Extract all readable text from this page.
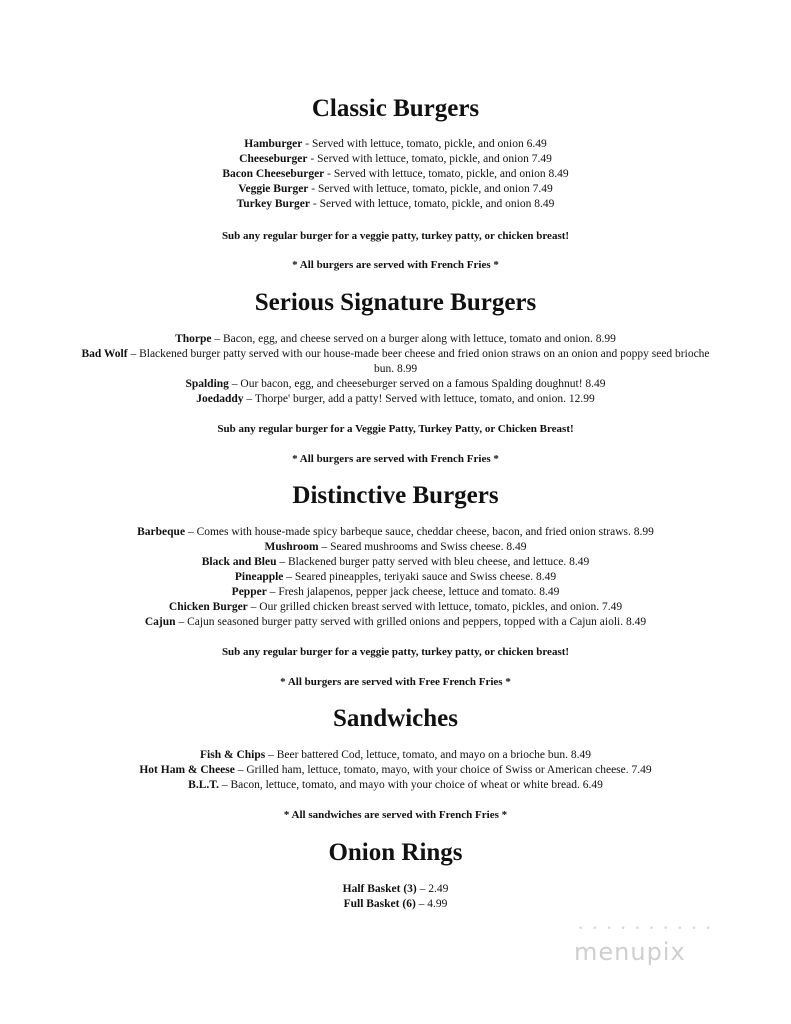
Classic Burgers
Hamburger - Served with lettuce, tomato, pickle, and onion 6.49
Cheeseburger - Served with lettuce, tomato, pickle, and onion 7.49
Bacon Cheeseburger - Served with lettuce, tomato, pickle, and onion 8.49
Veggie Burger - Served with lettuce, tomato, pickle, and onion 7.49
Turkey Burger - Served with lettuce, tomato, pickle, and onion 8.49
Sub any regular burger for a veggie patty, turkey patty, or chicken breast!
* All burgers are served with French Fries *
Serious Signature Burgers
Thorpe – Bacon, egg, and cheese served on a burger along with lettuce, tomato and onion. 8.99
Bad Wolf – Blackened burger patty served with our house-made beer cheese and fried onion straws on an onion and poppy seed brioche bun. 8.99
Spalding – Our bacon, egg, and cheeseburger served on a famous Spalding doughnut! 8.49
Joedaddy – Thorpe' burger, add a patty! Served with lettuce, tomato, and onion. 12.99
Sub any regular burger for a Veggie Patty, Turkey Patty, or Chicken Breast!
* All burgers are served with French Fries *
Distinctive Burgers
Barbeque – Comes with house-made spicy barbeque sauce, cheddar cheese, bacon, and fried onion straws. 8.99
Mushroom – Seared mushrooms and Swiss cheese. 8.49
Black and Bleu – Blackened burger patty served with bleu cheese, and lettuce. 8.49
Pineapple – Seared pineapples, teriyaki sauce and Swiss cheese. 8.49
Pepper – Fresh jalapenos, pepper jack cheese, lettuce and tomato. 8.49
Chicken Burger – Our grilled chicken breast served with lettuce, tomato, pickles, and onion. 7.49
Cajun – Cajun seasoned burger patty served with grilled onions and peppers, topped with a Cajun aioli. 8.49
Sub any regular burger for a veggie patty, turkey patty, or chicken breast!
* All burgers are served with Free French Fries *
Sandwiches
Fish & Chips – Beer battered Cod, lettuce, tomato, and mayo on a brioche bun. 8.49
Hot Ham & Cheese – Grilled ham, lettuce, tomato, mayo, with your choice of Swiss or American cheese. 7.49
B.L.T. – Bacon, lettuce, tomato, and mayo with your choice of wheat or white bread. 6.49
* All sandwiches are served with French Fries *
Onion Rings
Half Basket (3) – 2.49
Full Basket (6) – 4.99
• • • • • • • • • •
menupix
